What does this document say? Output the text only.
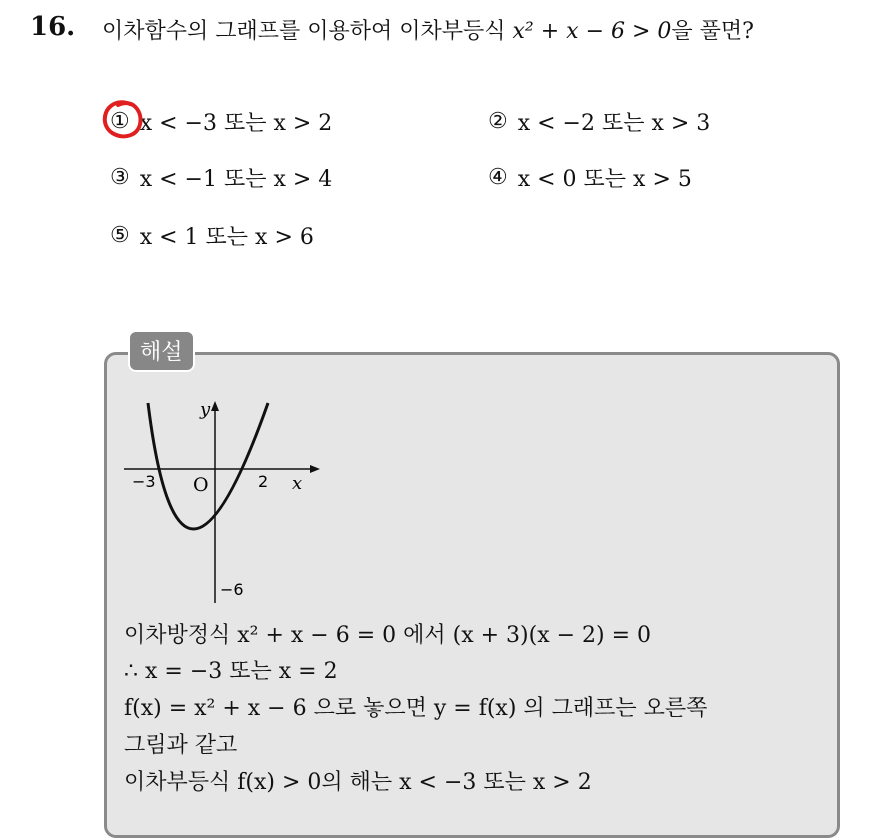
16. 이차함수의 그래프를 이용하여 이차부등식 x² + x − 6 > 0을 풀면?
① x < −3 또는 x > 2	② x < −2 또는 x > 3
③ x < −1 또는 x > 4	④ x < 0 또는 x > 5
⑤ x < 1 또는 x > 6
해설
y
x
O
−3	2
−6
이차방정식 x² + x − 6 = 0 에서 (x + 3)(x − 2) = 0
∴ x = −3 또는 x = 2
f(x) = x² + x − 6 으로 놓으면 y = f(x) 의 그래프는 오른쪽
그림과 같고
이차부등식 f(x) > 0의 해는 x < −3 또는 x > 2
